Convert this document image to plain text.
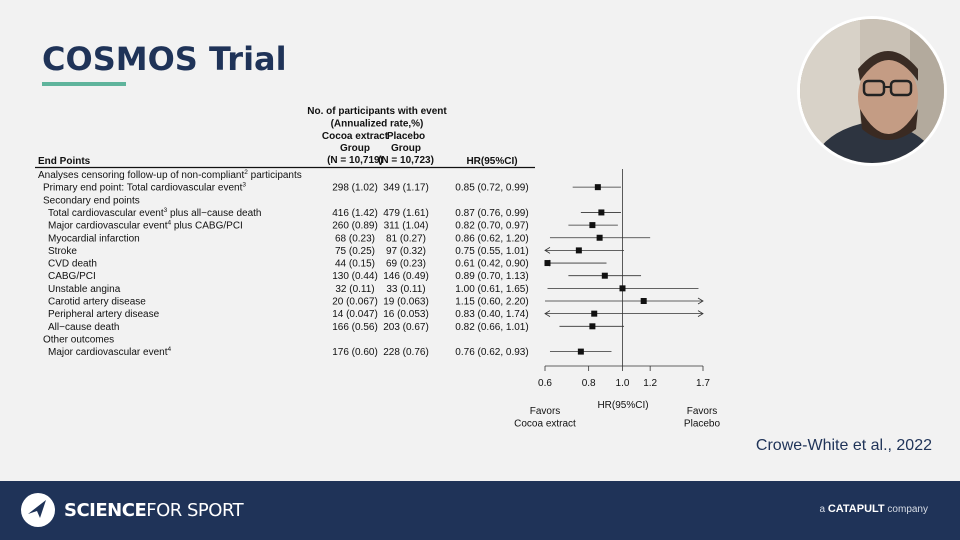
COSMOS Trial
No. of participants with event
(Annualized rate,%)
Cocoa extract
Group
(N = 10,719)
Placebo
Group
(N = 10,723)
End Points	HR(95%CI)
Analyses censoring follow-up of non-compliant$^2$ participants
Primary end point: Total cardiovascular event$^3$	298 (1.02) 349 (1.17)	0.85 (0.72, 0.99)
Secondary end points
Total cardiovascular event$^3$ plus all−cause death	416 (1.42) 479 (1.61)	0.87 (0.76, 0.99)
Major cardiovascular event$^4$ plus CABG/PCI	260 (0.89) 311 (1.04)	0.82 (0.70, 0.97)
Myocardial infarction	68 (0.23) 81 (0.27)	0.86 (0.62, 1.20)
Stroke	75 (0.25) 97 (0.32)	0.75 (0.55, 1.01)
CVD death	44 (0.15) 69 (0.23)	0.61 (0.42, 0.90)
CABG/PCI	130 (0.44) 146 (0.49)	0.89 (0.70, 1.13)
Unstable angina	32 (0.11) 33 (0.11)	1.00 (0.61, 1.65)
Carotid artery disease	20 (0.067) 19 (0.063)	1.15 (0.60, 2.20)
Peripheral artery disease	14 (0.047) 16 (0.053)	0.83 (0.40, 1.74)
All−cause death	166 (0.56) 203 (0.67)	0.82 (0.66, 1.01)
Other outcomes
Major cardiovascular event$^4$	176 (0.60) 228 (0.76)	0.76 (0.62, 0.93)
0.6	0.8 1.0 1.2	1.7
HR(95%CI)
Favors
Cocoa extract
Favors
Placebo
Crowe-White et al., 2022
SCIENCEFOR SPORT	a CATAPULT company
